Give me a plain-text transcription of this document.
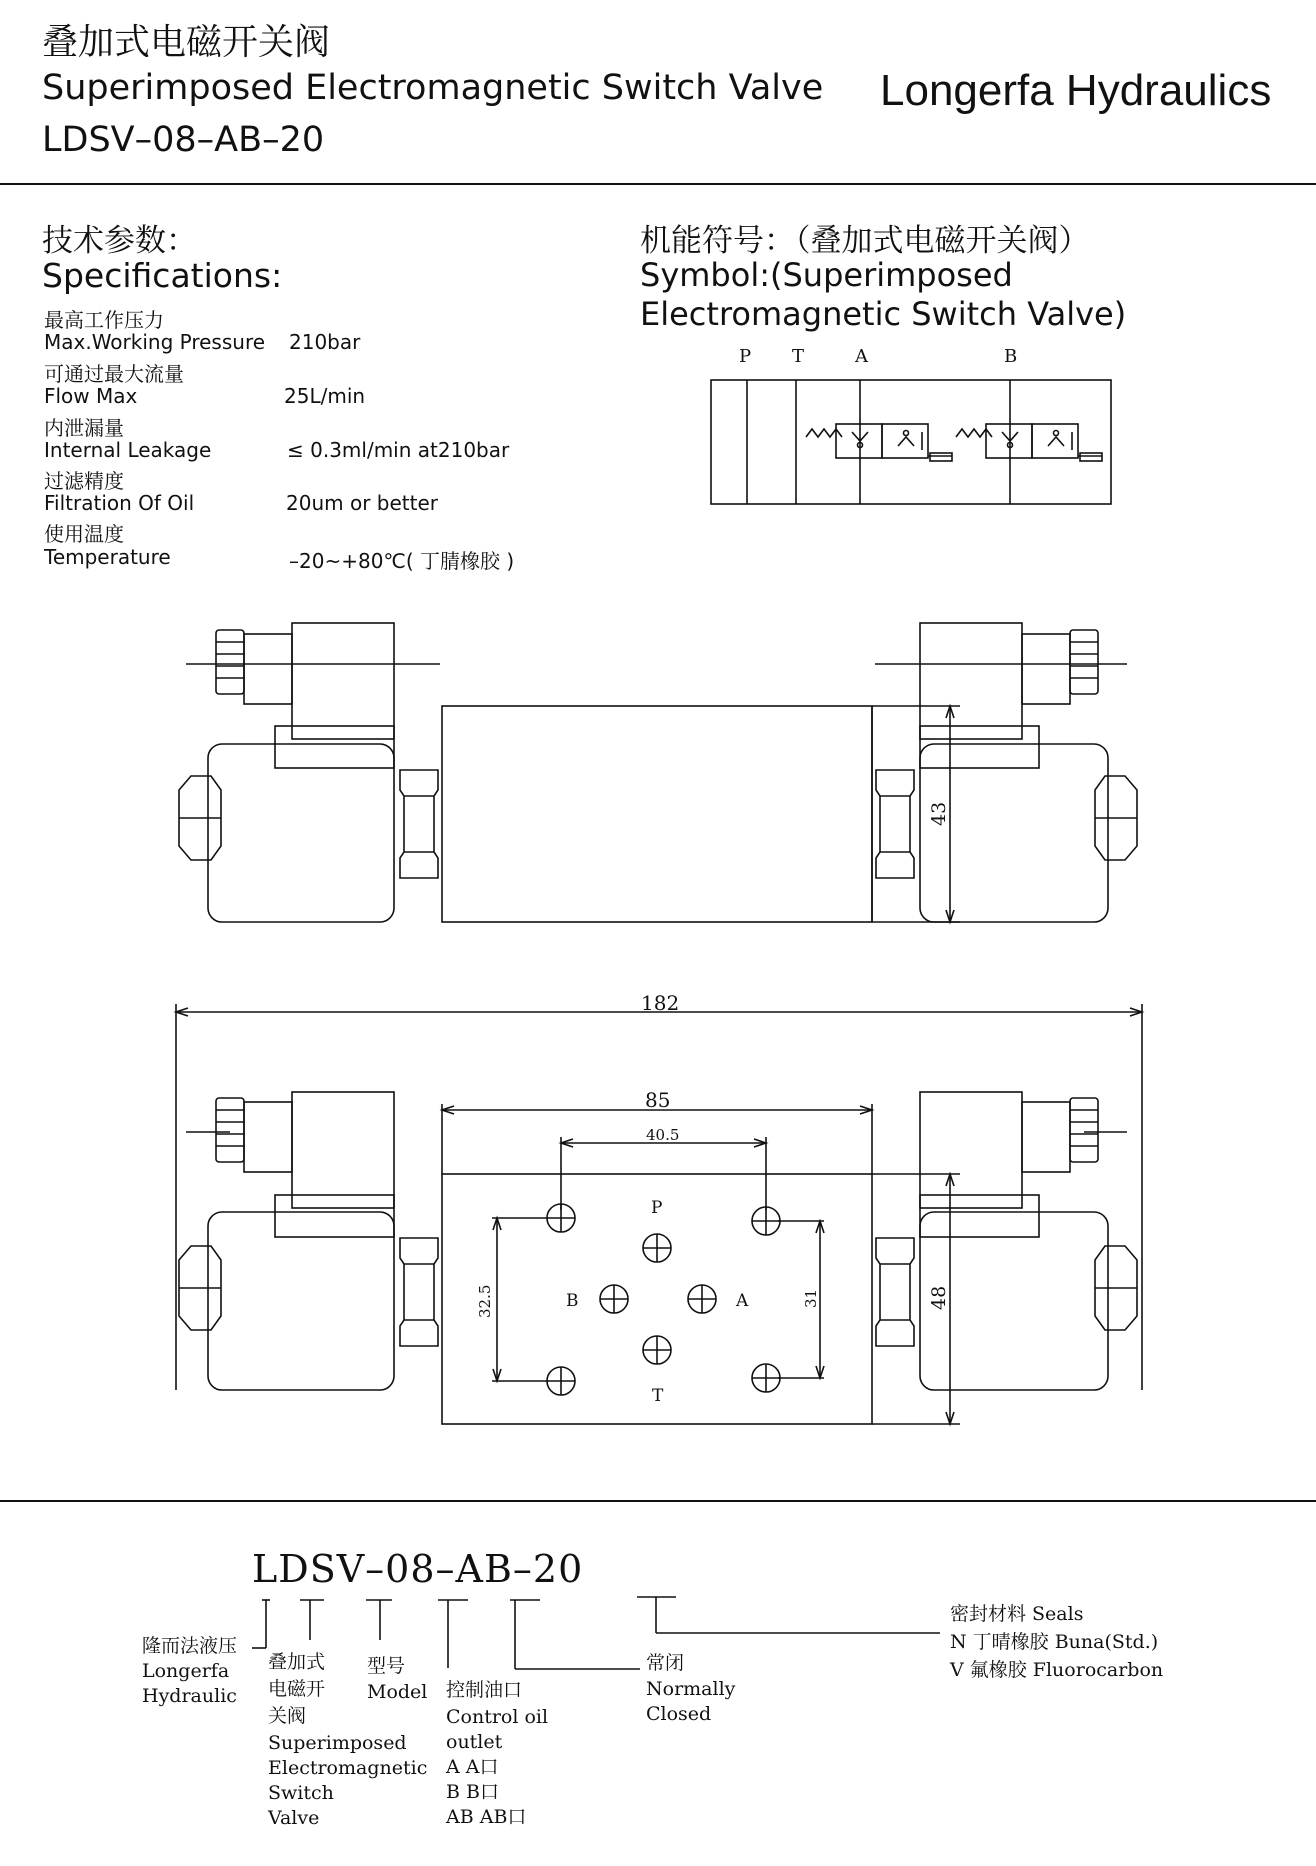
叠加式电磁开关阀
Superimposed Electromagnetic Switch Valve
LDSV–08–AB–20
Longerfa Hydraulics
技术参数：
Specifications:
最高工作压力
Max.Working Pressure 210bar
可通过最大流量
Flow Max	25L/min
内泄漏量
Internal Leakage	≤ 0.3ml/min at210bar
过滤精度
Filtration Of Oil	20um or better
使用温度
Temperature	–20~+80℃( 丁腈橡胶 )
机能符号：（叠加式电磁开关阀）
Symbol:(Superimposed
Electromagnetic Switch Valve)
P T	A	B
43
182
85
40.5
32.5	31	48
P
T
A
B
LDSV–08–AB–20
隆而法液压
Longerfa
Hydraulic
叠加式
电磁开
关阀
Superimposed
Electromagnetic
Switch
Valve
型号
Model 控制油口
Control oil
outlet
A A口
B B口
AB AB口
常闭
Normally
Closed
密封材料 Seals
N 丁晴橡胶 Buna(Std.)
V 氟橡胶 Fluorocarbon
